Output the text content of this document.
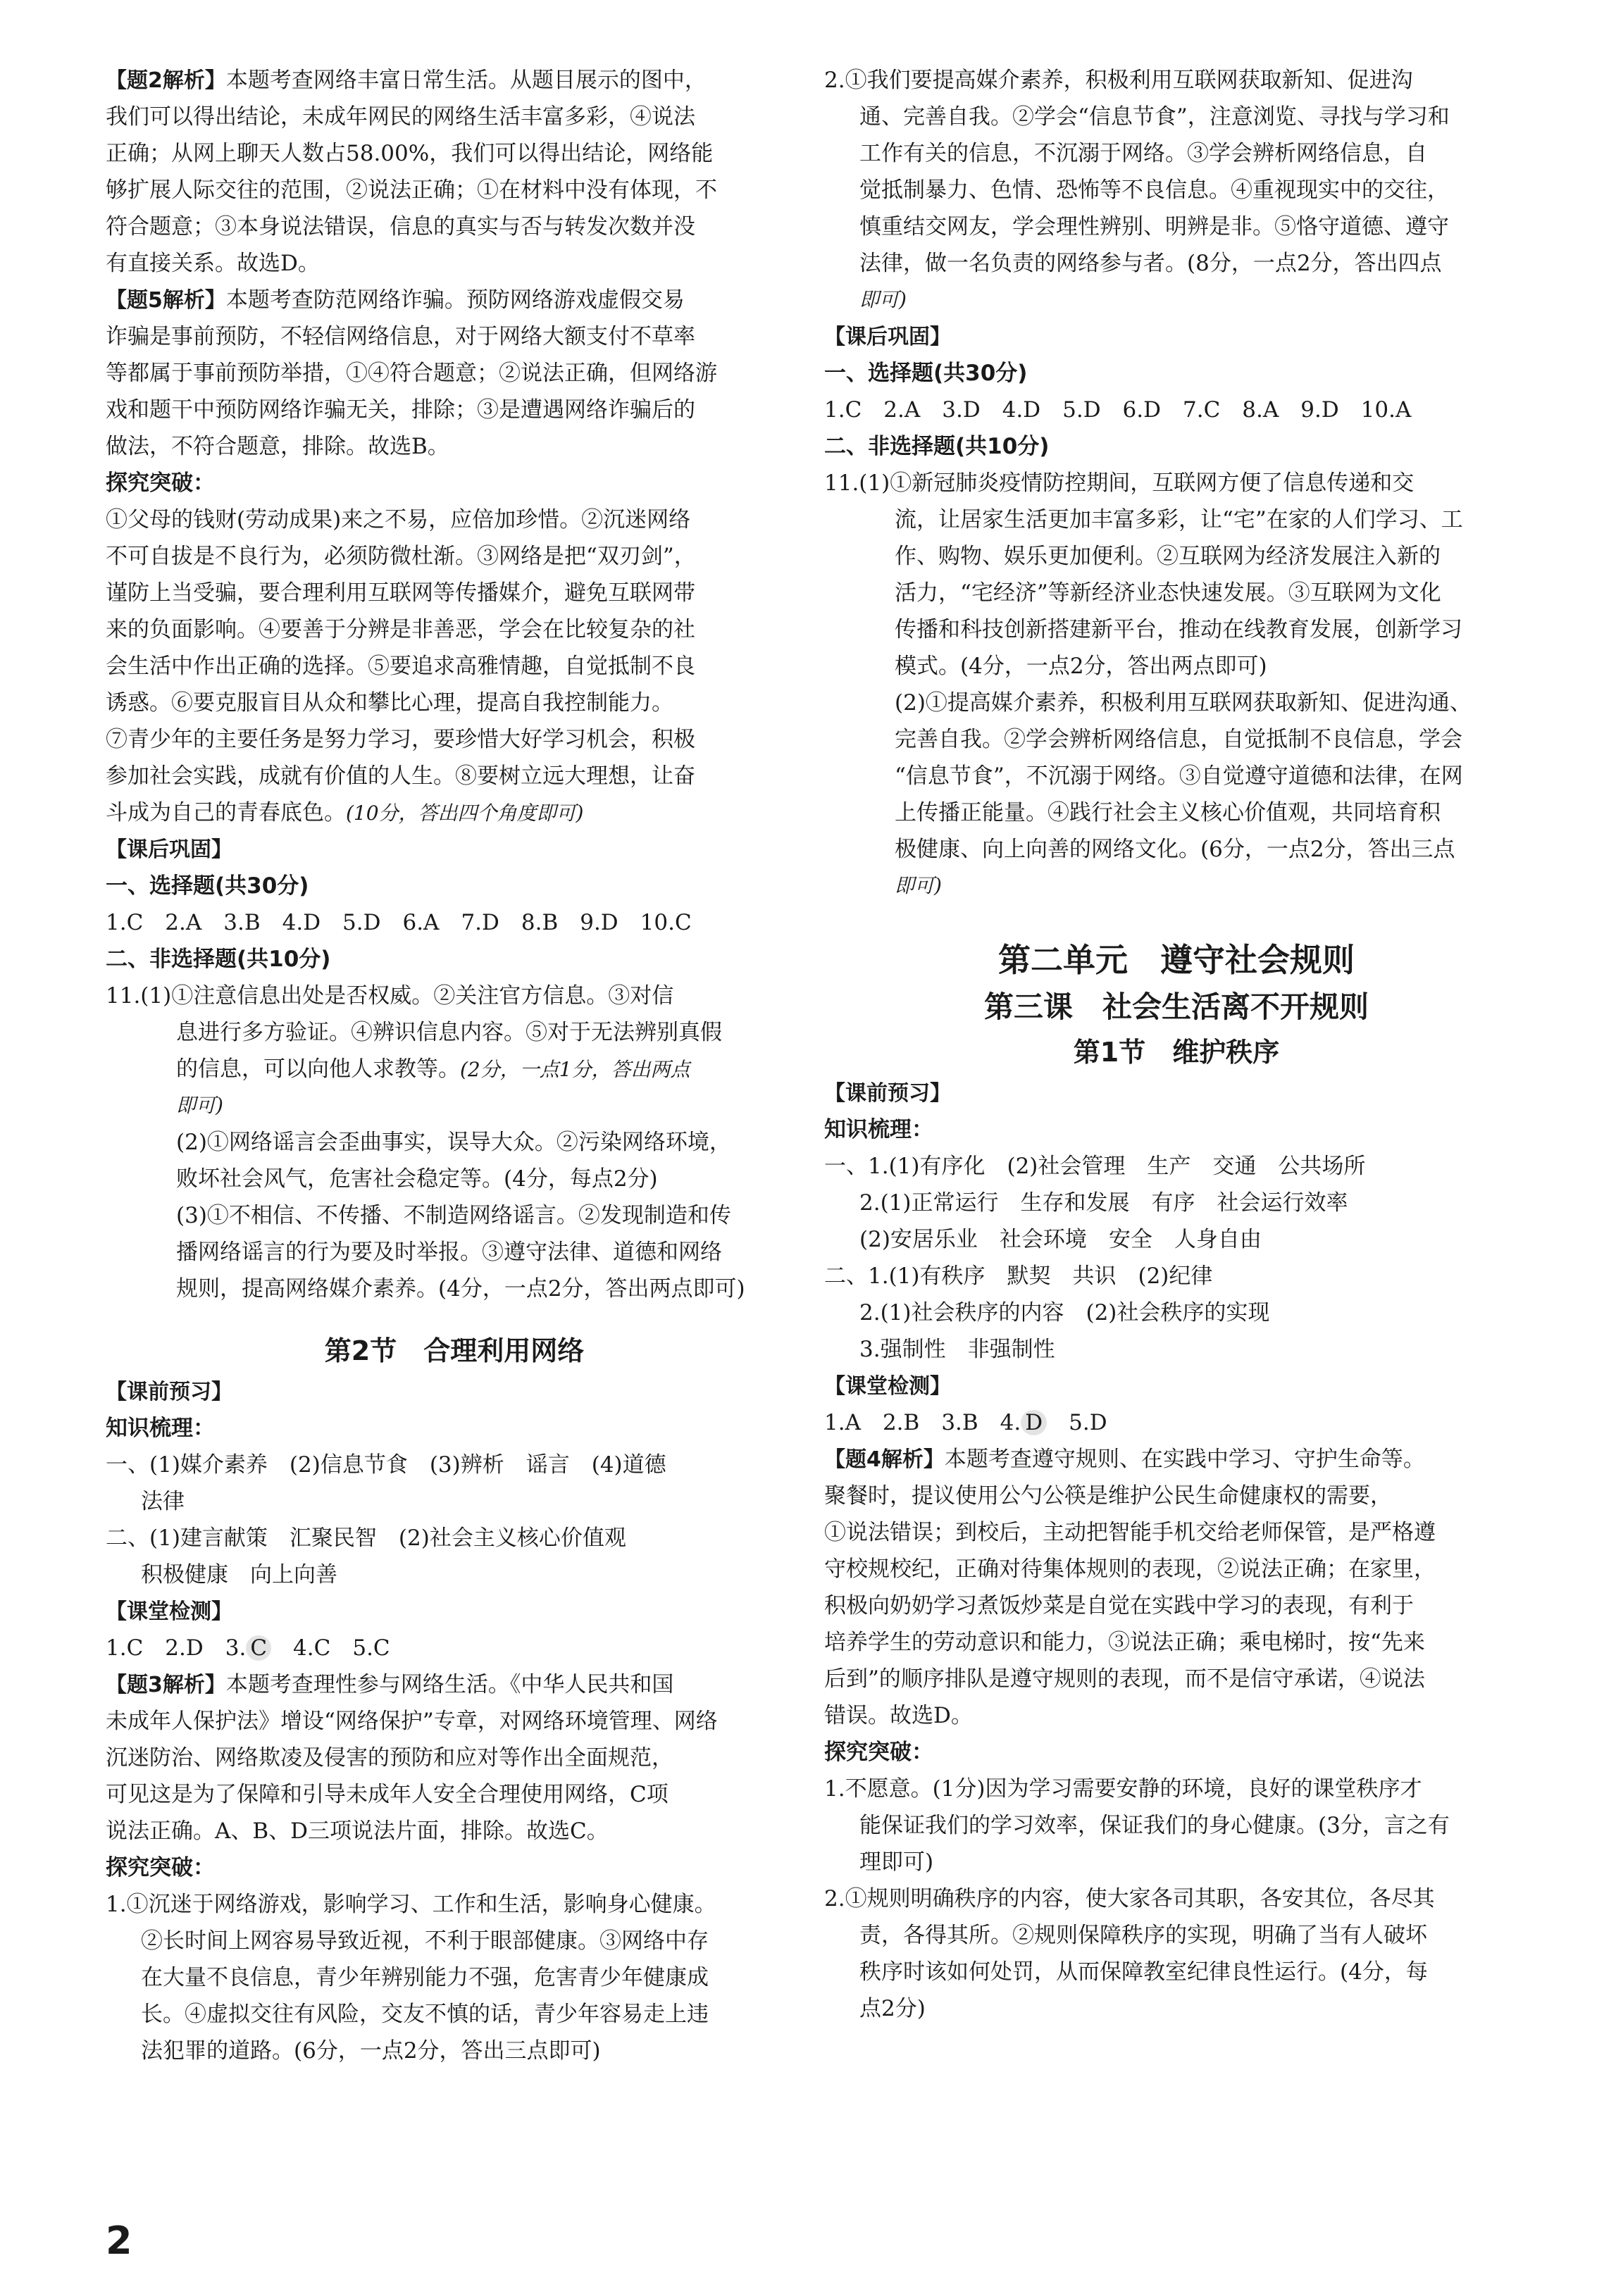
【题2解析】本题考查网络丰富日常生活。从题目展示的图中，
我们可以得出结论，未成年网民的网络生活丰富多彩，④说法
正确；从网上聊天人数占58.00%，我们可以得出结论，网络能
够扩展人际交往的范围，②说法正确；①在材料中没有体现，不
符合题意；③本身说法错误，信息的真实与否与转发次数并没
有直接关系。故选D。
【题5解析】本题考查防范网络诈骗。预防网络游戏虚假交易
诈骗是事前预防，不轻信网络信息，对于网络大额支付不草率
等都属于事前预防举措，①④符合题意；②说法正确，但网络游
戏和题干中预防网络诈骗无关，排除；③是遭遇网络诈骗后的
做法，不符合题意，排除。故选B。
探究突破：
①父母的钱财(劳动成果)来之不易，应倍加珍惜。②沉迷网络
不可自拔是不良行为，必须防微杜渐。③网络是把“双刃剑”，
谨防上当受骗，要合理利用互联网等传播媒介，避免互联网带
来的负面影响。④要善于分辨是非善恶，学会在比较复杂的社
会生活中作出正确的选择。⑤要追求高雅情趣，自觉抵制不良
诱惑。⑥要克服盲目从众和攀比心理，提高自我控制能力。
⑦青少年的主要任务是努力学习，要珍惜大好学习机会，积极
参加社会实践，成就有价值的人生。⑧要树立远大理想，让奋
斗成为自己的青春底色。(10分，答出四个角度即可)
【课后巩固】
一、选择题(共30分)
1.C　2.A　3.B　4.D　5.D　6.A　7.D　8.B　9.D　10.C
二、非选择题(共10分)
11.(1)①注意信息出处是否权威。②关注官方信息。③对信
息进行多方验证。④辨识信息内容。⑤对于无法辨别真假
的信息，可以向他人求教等。(2分，一点1分，答出两点
即可)
(2)①网络谣言会歪曲事实，误导大众。②污染网络环境，
败坏社会风气，危害社会稳定等。(4分，每点2分)
(3)①不相信、不传播、不制造网络谣言。②发现制造和传
播网络谣言的行为要及时举报。③遵守法律、道德和网络
规则，提高网络媒介素养。(4分，一点2分，答出两点即可)
第2节　合理利用网络
【课前预习】
知识梳理：
一、(1)媒介素养　(2)信息节食　(3)辨析　谣言　(4)道德
法律
二、(1)建言献策　汇聚民智　(2)社会主义核心价值观
积极健康　向上向善
【课堂检测】
1.C　2.D　3. C　4.C　5.C
【题3解析】本题考查理性参与网络生活。《中华人民共和国
未成年人保护法》增设“网络保护”专章，对网络环境管理、网络
沉迷防治、网络欺凌及侵害的预防和应对等作出全面规范，
可见这是为了保障和引导未成年人安全合理使用网络，C项
说法正确。A、B、D三项说法片面，排除。故选C。
探究突破：
1.①沉迷于网络游戏，影响学习、工作和生活，影响身心健康。
②长时间上网容易导致近视，不利于眼部健康。③网络中存
在大量不良信息，青少年辨别能力不强，危害青少年健康成
长。④虚拟交往有风险，交友不慎的话，青少年容易走上违
法犯罪的道路。(6分，一点2分，答出三点即可)
2.①我们要提高媒介素养，积极利用互联网获取新知、促进沟
通、完善自我。②学会“信息节食”，注意浏览、寻找与学习和
工作有关的信息，不沉溺于网络。③学会辨析网络信息，自
觉抵制暴力、色情、恐怖等不良信息。④重视现实中的交往，
慎重结交网友，学会理性辨别、明辨是非。⑤恪守道德、遵守
法律，做一名负责的网络参与者。(8分，一点2分，答出四点
即可)
【课后巩固】
一、选择题(共30分)
1.C　2.A　3.D　4.D　5.D　6.D　7.C　8.A　9.D　10.A
二、非选择题(共10分)
11.(1)①新冠肺炎疫情防控期间，互联网方便了信息传递和交
流，让居家生活更加丰富多彩，让“宅”在家的人们学习、工
作、购物、娱乐更加便利。②互联网为经济发展注入新的
活力，“宅经济”等新经济业态快速发展。③互联网为文化
传播和科技创新搭建新平台，推动在线教育发展，创新学习
模式。(4分，一点2分，答出两点即可)
(2)①提高媒介素养，积极利用互联网获取新知、促进沟通、
完善自我。②学会辨析网络信息，自觉抵制不良信息，学会
“信息节食”，不沉溺于网络。③自觉遵守道德和法律，在网
上传播正能量。④践行社会主义核心价值观，共同培育积
极健康、向上向善的网络文化。(6分，一点2分，答出三点
即可)
第二单元　遵守社会规则
第三课　社会生活离不开规则
第1节　维护秩序
【课前预习】
知识梳理：
一、1.(1)有序化　(2)社会管理　生产　交通　公共场所
2.(1)正常运行　生存和发展　有序　社会运行效率
(2)安居乐业　社会环境　安全　人身自由
二、1.(1)有秩序　默契　共识　(2)纪律
2.(1)社会秩序的内容　(2)社会秩序的实现
3.强制性　非强制性
【课堂检测】
1.A　2.B　3.B　4. D　5.D
【题4解析】本题考查遵守规则、在实践中学习、守护生命等。
聚餐时，提议使用公勺公筷是维护公民生命健康权的需要，
①说法错误；到校后，主动把智能手机交给老师保管，是严格遵
守校规校纪，正确对待集体规则的表现，②说法正确；在家里，
积极向奶奶学习煮饭炒菜是自觉在实践中学习的表现，有利于
培养学生的劳动意识和能力，③说法正确；乘电梯时，按“先来
后到”的顺序排队是遵守规则的表现，而不是信守承诺，④说法
错误。故选D。
探究突破：
1.不愿意。(1分)因为学习需要安静的环境，良好的课堂秩序才
能保证我们的学习效率，保证我们的身心健康。(3分，言之有
理即可)
2.①规则明确秩序的内容，使大家各司其职，各安其位，各尽其
责，各得其所。②规则保障秩序的实现，明确了当有人破坏
秩序时该如何处罚，从而保障教室纪律良性运行。(4分，每
点2分)
2
